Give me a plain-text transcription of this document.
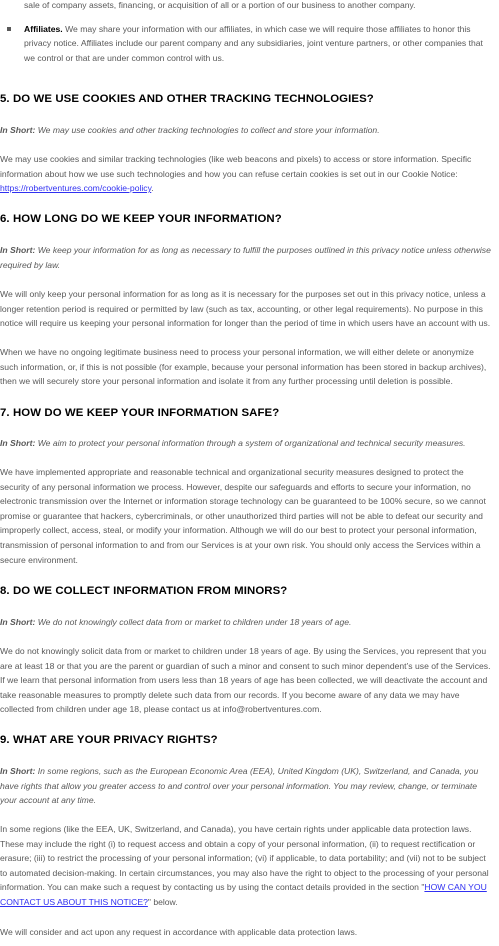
sale of company assets, financing, or acquisition of all or a portion of our business to another company.
Affiliates. We may share your information with our affiliates, in which case we will require those affiliates to honor this privacy notice. Affiliates include our parent company and any subsidiaries, joint venture partners, or other companies that we control or that are under common control with us.
5. DO WE USE COOKIES AND OTHER TRACKING TECHNOLOGIES?

In Short: We may use cookies and other tracking technologies to collect and store your information.

We may use cookies and similar tracking technologies (like web beacons and pixels) to access or store information. Specific information about how we use such technologies and how you can refuse certain cookies is set out in our Cookie Notice: https://robertventures.com/cookie-policy.

6. HOW LONG DO WE KEEP YOUR INFORMATION?

In Short: We keep your information for as long as necessary to fulfill the purposes outlined in this privacy notice unless otherwise required by law.

We will only keep your personal information for as long as it is necessary for the purposes set out in this privacy notice, unless a longer retention period is required or permitted by law (such as tax, accounting, or other legal requirements). No purpose in this notice will require us keeping your personal information for longer than the period of time in which users have an account with us.

When we have no ongoing legitimate business need to process your personal information, we will either delete or anonymize such information, or, if this is not possible (for example, because your personal information has been stored in backup archives), then we will securely store your personal information and isolate it from any further processing until deletion is possible.

7. HOW DO WE KEEP YOUR INFORMATION SAFE?

In Short: We aim to protect your personal information through a system of organizational and technical security measures.

We have implemented appropriate and reasonable technical and organizational security measures designed to protect the security of any personal information we process. However, despite our safeguards and efforts to secure your information, no electronic transmission over the Internet or information storage technology can be guaranteed to be 100% secure, so we cannot promise or guarantee that hackers, cybercriminals, or other unauthorized third parties will not be able to defeat our security and improperly collect, access, steal, or modify your information. Although we will do our best to protect your personal information, transmission of personal information to and from our Services is at your own risk. You should only access the Services within a secure environment.

8. DO WE COLLECT INFORMATION FROM MINORS?

In Short: We do not knowingly collect data from or market to children under 18 years of age.

We do not knowingly solicit data from or market to children under 18 years of age. By using the Services, you represent that you are at least 18 or that you are the parent or guardian of such a minor and consent to such minor dependent’s use of the Services. If we learn that personal information from users less than 18 years of age has been collected, we will deactivate the account and take reasonable measures to promptly delete such data from our records. If you become aware of any data we may have collected from children under age 18, please contact us at info@robertventures.com.

9. WHAT ARE YOUR PRIVACY RIGHTS?

In Short: In some regions, such as the European Economic Area (EEA), United Kingdom (UK), Switzerland, and Canada, you have rights that allow you greater access to and control over your personal information. You may review, change, or terminate your account at any time.

In some regions (like the EEA, UK, Switzerland, and Canada), you have certain rights under applicable data protection laws. These may include the right (i) to request access and obtain a copy of your personal information, (ii) to request rectification or erasure; (iii) to restrict the processing of your personal information; (vi) if applicable, to data portability; and (vii) not to be subject to automated decision-making. In certain circumstances, you may also have the right to object to the processing of your personal information. You can make such a request by contacting us by using the contact details provided in the section "HOW CAN YOU CONTACT US ABOUT THIS NOTICE?" below.

We will consider and act upon any request in accordance with applicable data protection laws.
